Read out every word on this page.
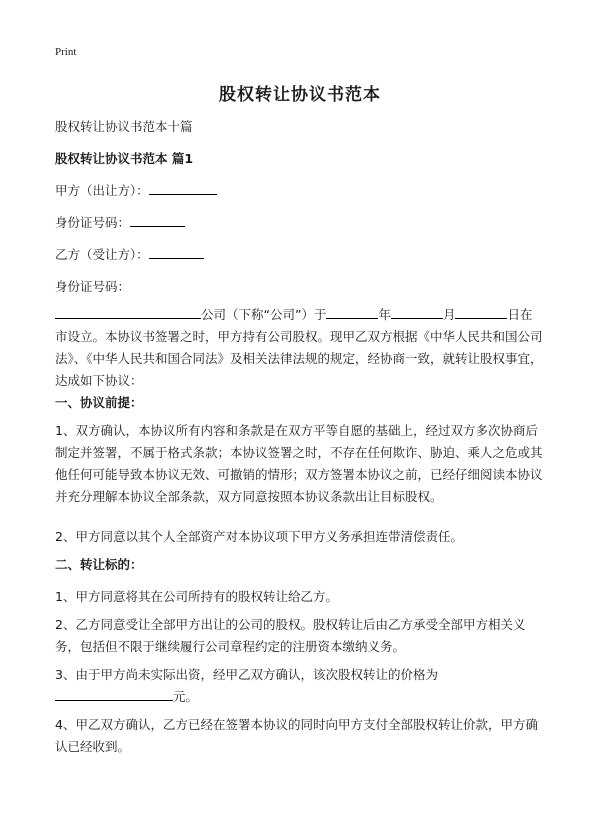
Print
股权转让协议书范本

股权转让协议书范本十篇

股权转让协议书范本 篇1

甲方（出让方）：

身份证号码：

乙方（受让方）：

身份证号码：

公司（下称“公司”）于	年	月	日在
市设立。本协议书签署之时，甲方持有公司股权。现甲乙双方根据《中华人民共和国公司法》、《中华人民共和国合同法》及相关法律法规的规定，经协商一致，就转让股权事宜，达成如下协议：

一、协议前提：

1、双方确认，本协议所有内容和条款是在双方平等自愿的基础上，经过双方多次协商后制定并签署，不属于格式条款；本协议签署之时，不存在任何欺诈、胁迫、乘人之危或其他任何可能导致本协议无效、可撤销的情形；双方签署本协议之前，已经仔细阅读本协议并充分理解本协议全部条款，双方同意按照本协议条款出让目标股权。

2、甲方同意以其个人全部资产对本协议项下甲方义务承担连带清偿责任。

二、转让标的：

1、甲方同意将其在公司所持有的股权转让给乙方。

2、乙方同意受让全部甲方出让的公司的股权。股权转让后由乙方承受全部甲方相关义务，包括但不限于继续履行公司章程约定的注册资本缴纳义务。

3、由于甲方尚未实际出资，经甲乙双方确认，该次股权转让的价格为
元。

4、甲乙双方确认，乙方已经在签署本协议的同时向甲方支付全部股权转让价款，甲方确认已经收到。
